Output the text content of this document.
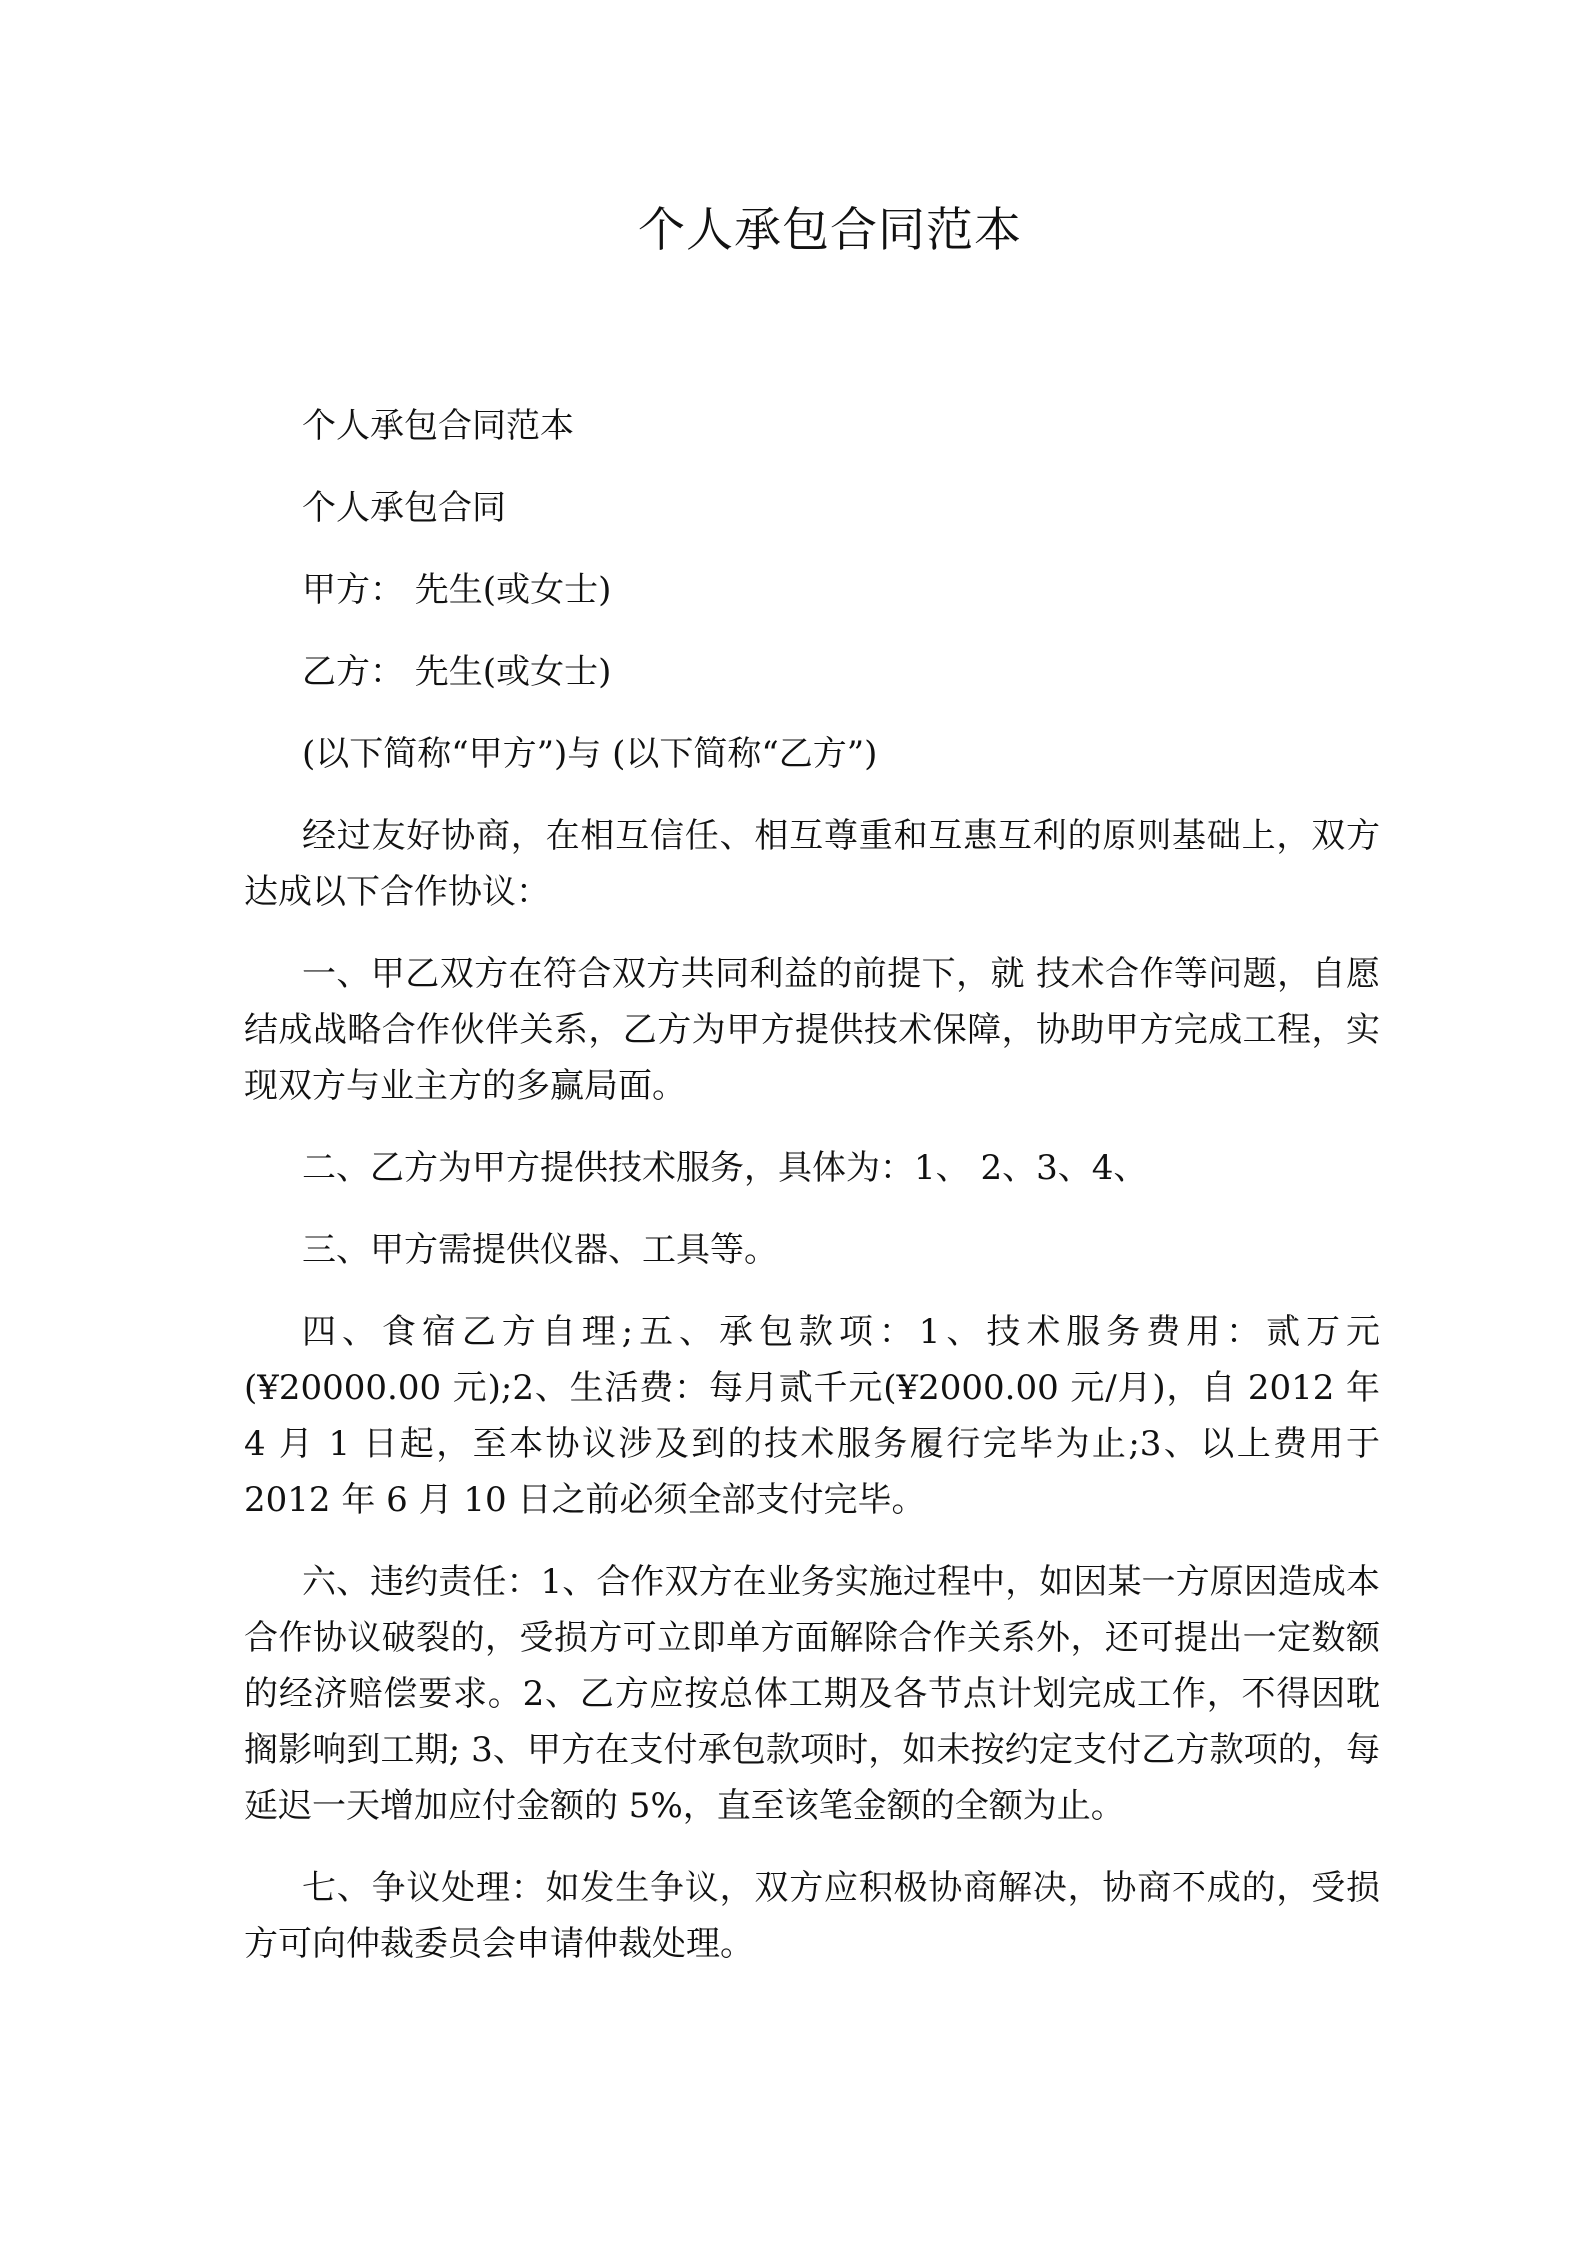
个人承包合同范本

个人承包合同范本

个人承包合同

甲方： 先生(或女士)

乙方： 先生(或女士)

(以下简称“甲方”)与 (以下简称“乙方”)

经过友好协商，在相互信任、相互尊重和互惠互利的原则基础上，双方达成以下合作协议：

一、甲乙双方在符合双方共同利益的前提下，就 技术合作等问题，自愿结成战略合作伙伴关系，乙方为甲方提供技术保障，协助甲方完成工程，实现双方与业主方的多赢局面。

二、乙方为甲方提供技术服务，具体为：1、 2、3、4、

三、甲方需提供仪器、工具等。

四、食宿乙方自理;五、承包款项：1、技术服务费用：贰万元(¥20000.00 元);2、生活费：每月贰千元(¥2000.00 元/月)，自 2012 年 4 月 1 日起，至本协议涉及到的技术服务履行完毕为止;3、以上费用于 2012 年 6 月 10 日之前必须全部支付完毕。

六、违约责任：1、合作双方在业务实施过程中，如因某一方原因造成本合作协议破裂的，受损方可立即单方面解除合作关系外，还可提出一定数额的经济赔偿要求。2、乙方应按总体工期及各节点计划完成工作，不得因耽搁影响到工期; 3、甲方在支付承包款项时，如未按约定支付乙方款项的，每延迟一天增加应付金额的 5%，直至该笔金额的全额为止。

七、争议处理：如发生争议，双方应积极协商解决，协商不成的，受损方可向仲裁委员会申请仲裁处理。
